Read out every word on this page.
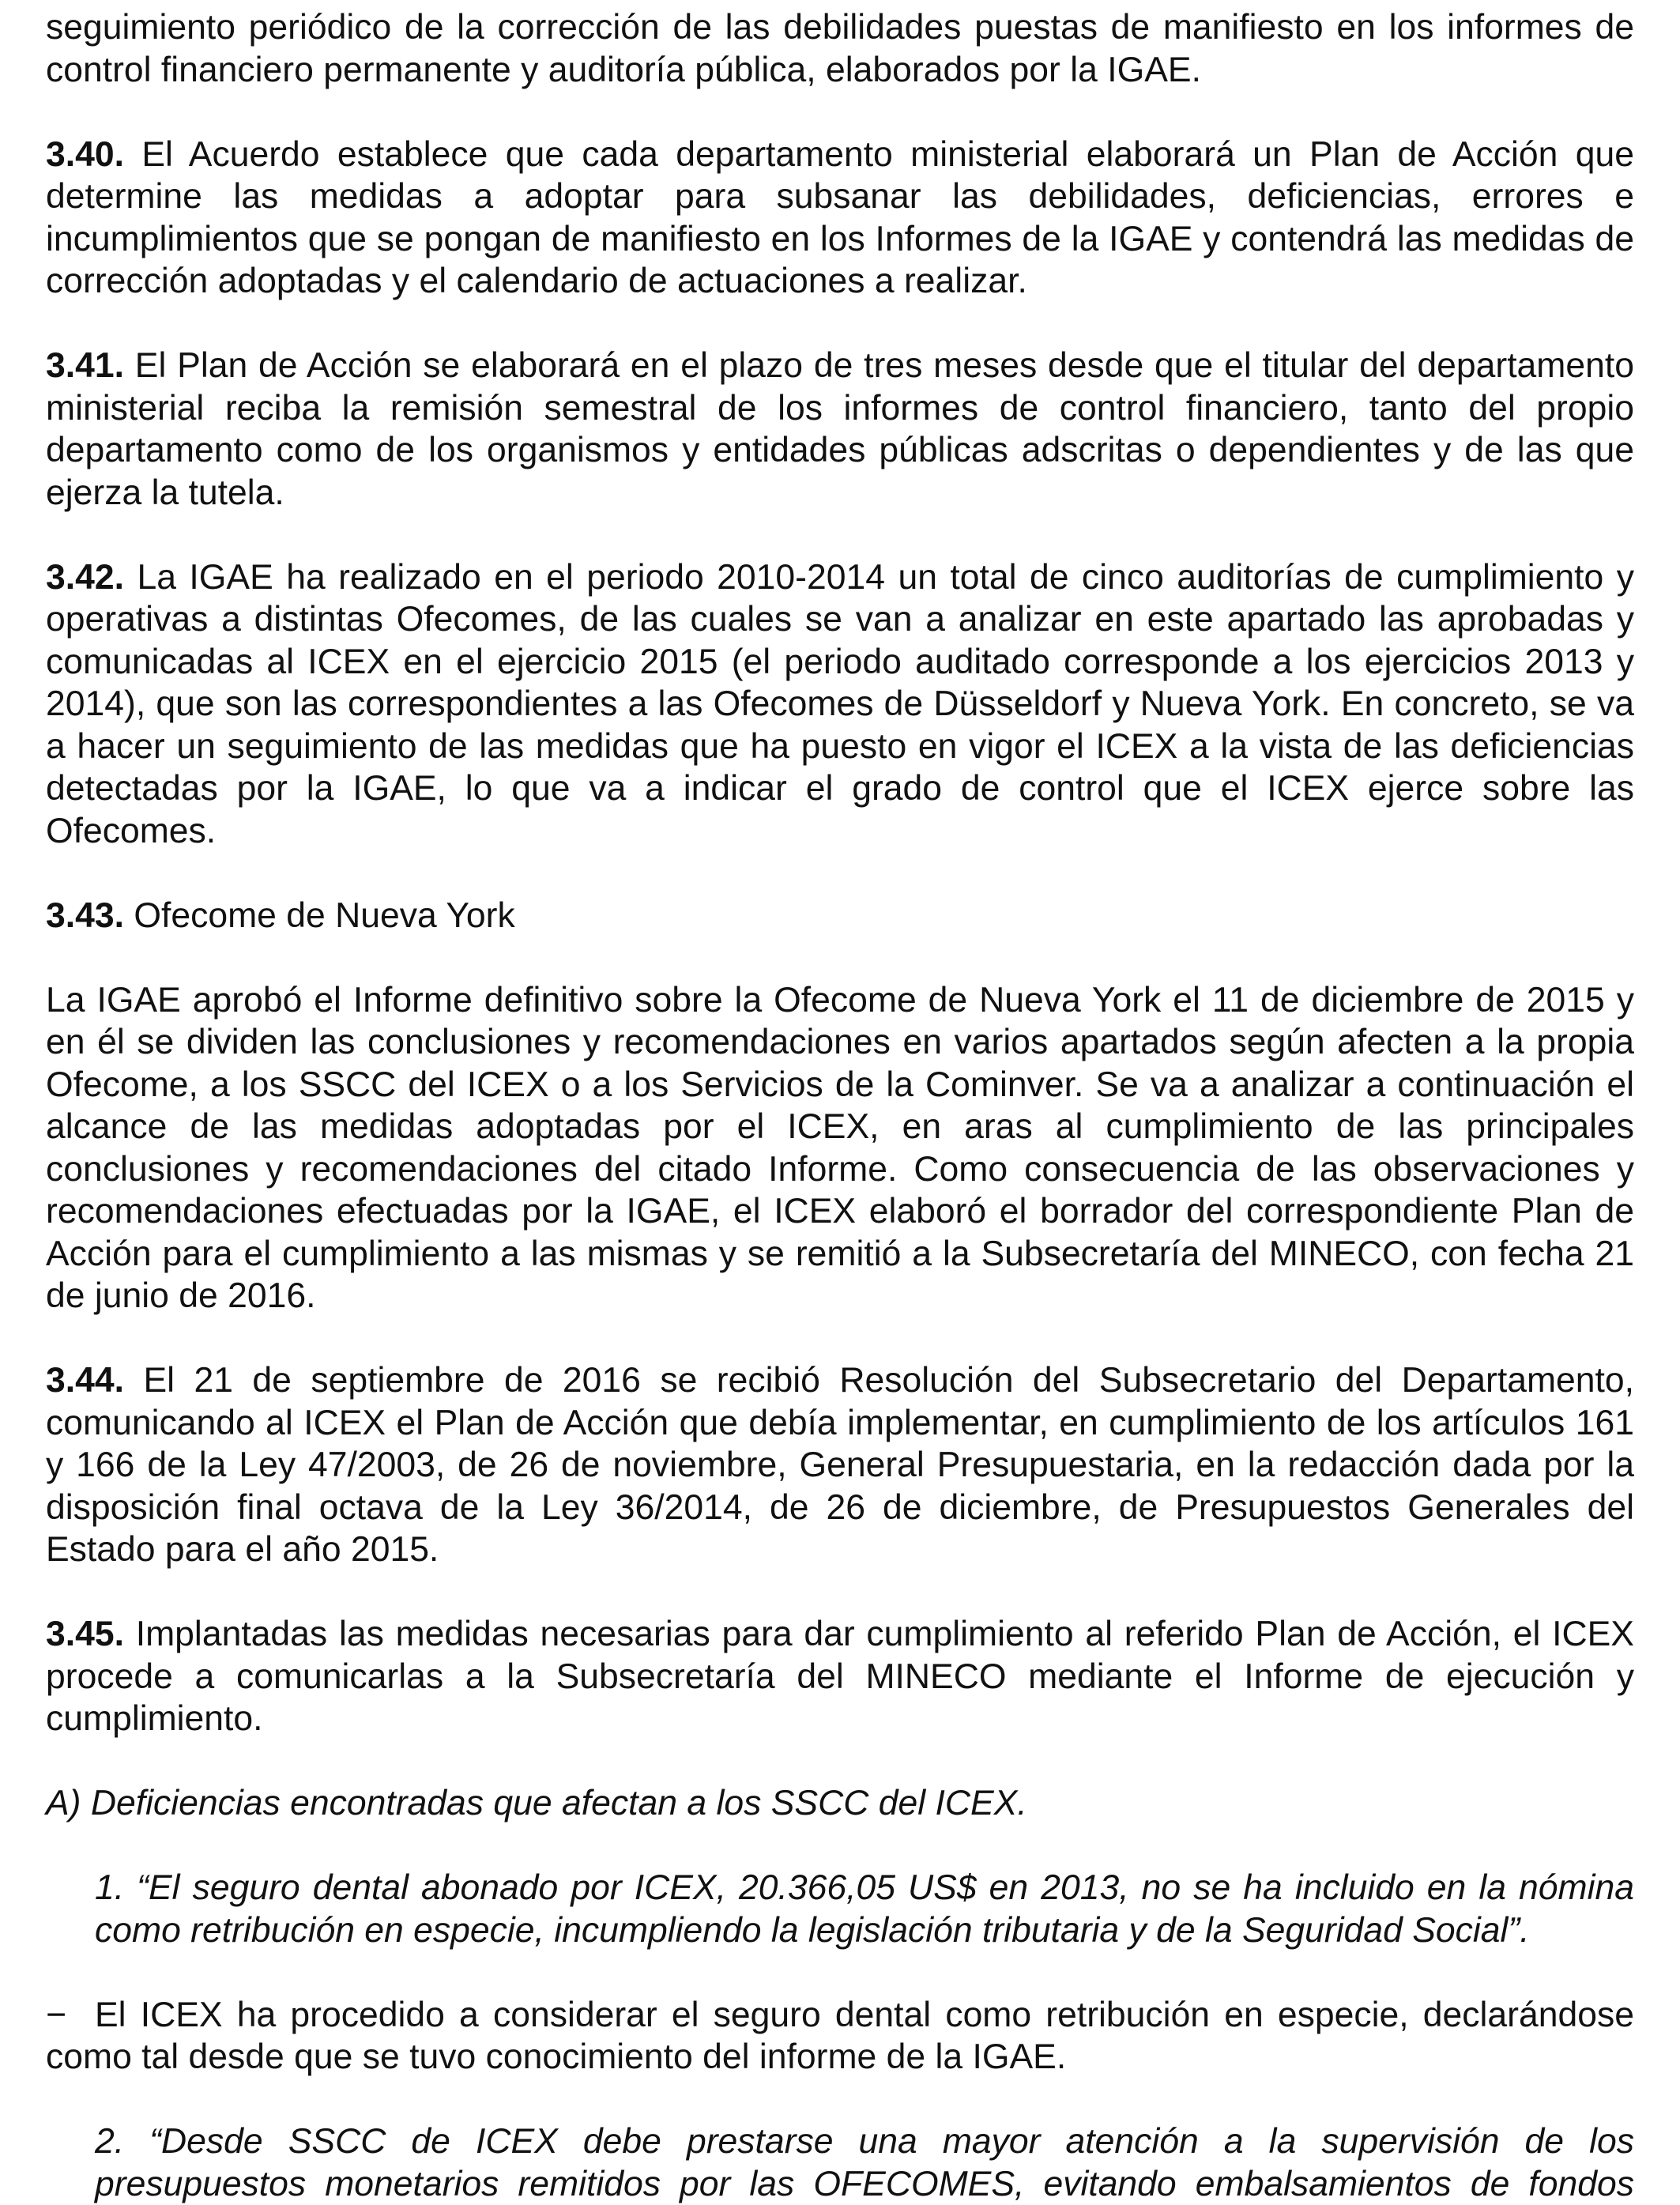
seguimiento periódico de la corrección de las debilidades puestas de manifiesto en los informes de control financiero permanente y auditoría pública, elaborados por la IGAE.

3.40. El Acuerdo establece que cada departamento ministerial elaborará un Plan de Acción que determine las medidas a adoptar para subsanar las debilidades, deficiencias, errores e incumplimientos que se pongan de manifiesto en los Informes de la IGAE y contendrá las medidas de corrección adoptadas y el calendario de actuaciones a realizar.

3.41. El Plan de Acción se elaborará en el plazo de tres meses desde que el titular del departamento ministerial reciba la remisión semestral de los informes de control financiero, tanto del propio departamento como de los organismos y entidades públicas adscritas o dependientes y de las que ejerza la tutela.

3.42. La IGAE ha realizado en el periodo 2010-2014 un total de cinco auditorías de cumplimiento y operativas a distintas Ofecomes, de las cuales se van a analizar en este apartado las aprobadas y comunicadas al ICEX en el ejercicio 2015 (el periodo auditado corresponde a los ejercicios 2013 y 2014), que son las correspondientes a las Ofecomes de Düsseldorf y Nueva York. En concreto, se va a hacer un seguimiento de las medidas que ha puesto en vigor el ICEX a la vista de las deficiencias detectadas por la IGAE, lo que va a indicar el grado de control que el ICEX ejerce sobre las Ofecomes.

3.43. Ofecome de Nueva York

La IGAE aprobó el Informe definitivo sobre la Ofecome de Nueva York el 11 de diciembre de 2015 y en él se dividen las conclusiones y recomendaciones en varios apartados según afecten a la propia Ofecome, a los SSCC del ICEX o a los Servicios de la Cominver. Se va a analizar a continuación el alcance de las medidas adoptadas por el ICEX, en aras al cumplimiento de las principales conclusiones y recomendaciones del citado Informe. Como consecuencia de las observaciones y recomendaciones efectuadas por la IGAE, el ICEX elaboró el borrador del correspondiente Plan de Acción para el cumplimiento a las mismas y se remitió a la Subsecretaría del MINECO, con fecha 21 de junio de 2016.

3.44. El 21 de septiembre de 2016 se recibió Resolución del Subsecretario del Departamento, comunicando al ICEX el Plan de Acción que debía implementar, en cumplimiento de los artículos 161 y 166 de la Ley 47/2003, de 26 de noviembre, General Presupuestaria, en la redacción dada por la disposición final octava de la Ley 36/2014, de 26 de diciembre, de Presupuestos Generales del Estado para el año 2015.

3.45. Implantadas las medidas necesarias para dar cumplimiento al referido Plan de Acción, el ICEX procede a comunicarlas a la Subsecretaría del MINECO mediante el Informe de ejecución y cumplimiento.

A) Deficiencias encontradas que afectan a los SSCC del ICEX.

1. “El seguro dental abonado por ICEX, 20.366,05 US$ en 2013, no se ha incluido en la nómina como retribución en especie, incumpliendo la legislación tributaria y de la Seguridad Social”.

− El ICEX ha procedido a considerar el seguro dental como retribución en especie, declarándose como tal desde que se tuvo conocimiento del informe de la IGAE.

2. “Desde SSCC de ICEX debe prestarse una mayor atención a la supervisión de los presupuestos monetarios remitidos por las OFECOMES, evitando embalsamientos de fondos
